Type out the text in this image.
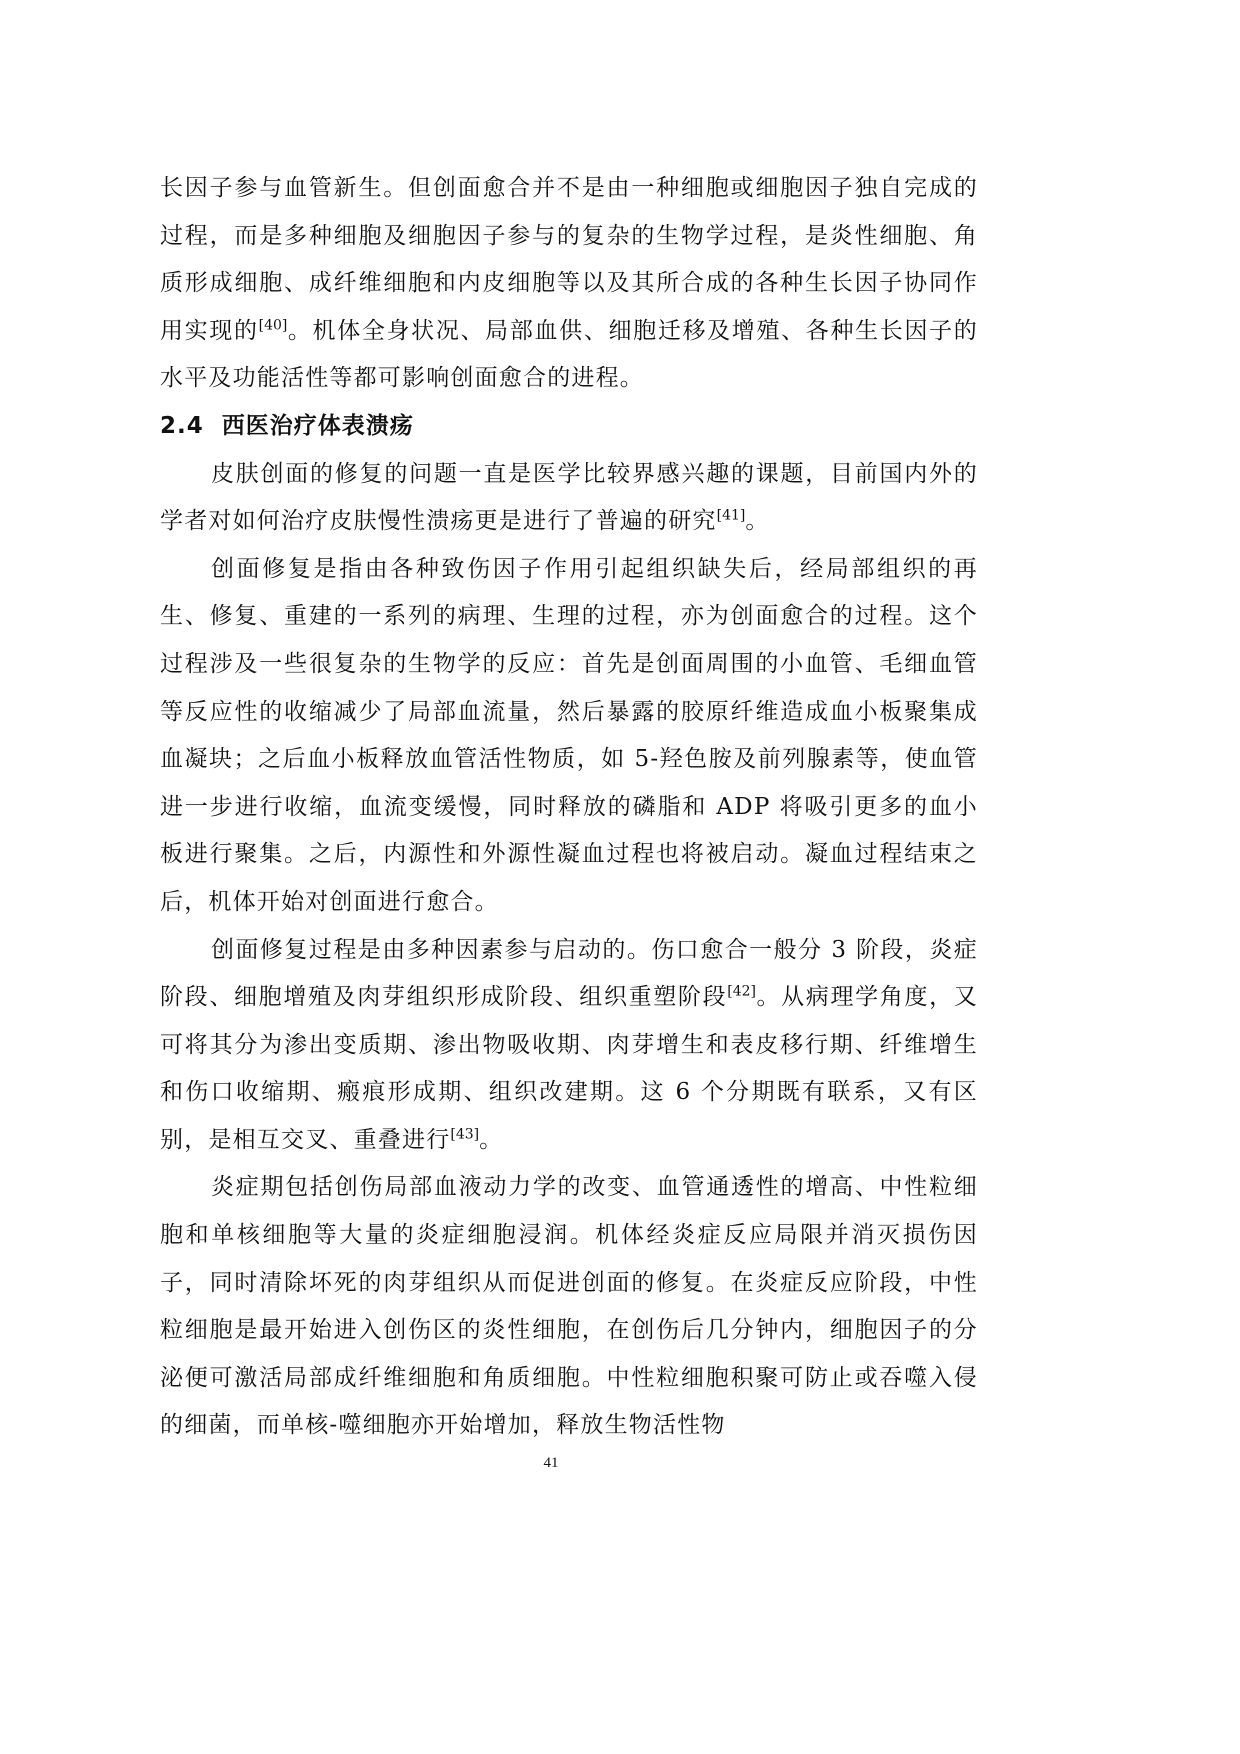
长因子参与血管新生。但创面愈合并不是由一种细胞或细胞因子独自完成的过程，而是多种细胞及细胞因子参与的复杂的生物学过程，是炎性细胞、角质形成细胞、成纤维细胞和内皮细胞等以及其所合成的各种生长因子协同作用实现的[40]。机体全身状况、局部血供、细胞迁移及增殖、各种生长因子的水平及功能活性等都可影响创面愈合的进程。

2.4 西医治疗体表溃疡

皮肤创面的修复的问题一直是医学比较界感兴趣的课题，目前国内外的学者对如何治疗皮肤慢性溃疡更是进行了普遍的研究[41]。

创面修复是指由各种致伤因子作用引起组织缺失后，经局部组织的再生、修复、重建的一系列的病理、生理的过程，亦为创面愈合的过程。这个过程涉及一些很复杂的生物学的反应：首先是创面周围的小血管、毛细血管等反应性的收缩减少了局部血流量，然后暴露的胶原纤维造成血小板聚集成血凝块；之后血小板释放血管活性物质，如 5-羟色胺及前列腺素等，使血管进一步进行收缩，血流变缓慢，同时释放的磷脂和 ADP 将吸引更多的血小板进行聚集。之后，内源性和外源性凝血过程也将被启动。凝血过程结束之后，机体开始对创面进行愈合。

创面修复过程是由多种因素参与启动的。伤口愈合一般分 3 阶段，炎症阶段、细胞增殖及肉芽组织形成阶段、组织重塑阶段[42]。从病理学角度，又可将其分为渗出变质期、渗出物吸收期、肉芽增生和表皮移行期、纤维增生和伤口收缩期、瘢痕形成期、组织改建期。这 6 个分期既有联系，又有区别，是相互交叉、重叠进行[43]。

炎症期包括创伤局部血液动力学的改变、血管通透性的增高、中性粒细胞和单核细胞等大量的炎症细胞浸润。机体经炎症反应局限并消灭损伤因子，同时清除坏死的肉芽组织从而促进创面的修复。在炎症反应阶段，中性粒细胞是最开始进入创伤区的炎性细胞，在创伤后几分钟内，细胞因子的分泌便可激活局部成纤维细胞和角质细胞。中性粒细胞积聚可防止或吞噬入侵的细菌，而单核-噬细胞亦开始增加，释放生物活性物

41
